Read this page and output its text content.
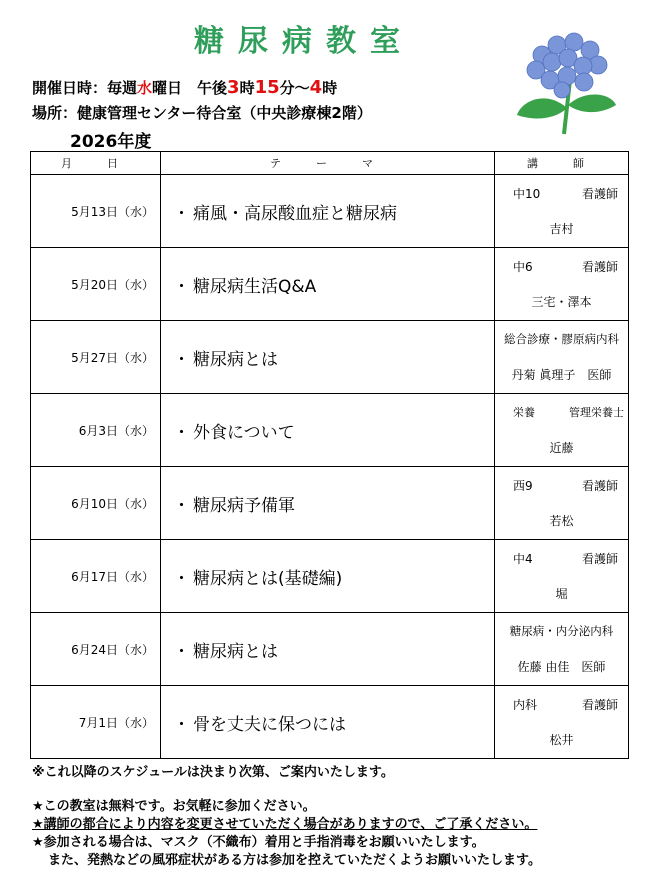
糖 尿 病 教 室
開催日時：毎週水曜日　午後3時15分～4時
場所：健康管理センター待合室（中央診療棟2階）
2026年度
月　日	テ　ー　マ	講　師
5月13日（水）	・ 痛風・高尿酸血症と糖尿病	中10 看護師
吉村

5月20日（水）	・ 糖尿病生活Q&A	中6 看護師
三宅・澤本

5月27日（水）	・ 糖尿病とは	総合診療・膠原病内科
丹菊 眞理子　医師

6月3日（水）	・ 外食について	栄養 管理栄養士
近藤

6月10日（水）	・ 糖尿病予備軍	西9 看護師
若松

6月17日（水）	・ 糖尿病とは(基礎編)	中4 看護師
堀

6月24日（水）	・ 糖尿病とは	糖尿病・内分泌内科
佐藤 由佳　医師

7月1日（水）	・ 骨を丈夫に保つには	内科 看護師
松井
※これ以降のスケジュールは決まり次第、ご案内いたします。
★この教室は無料です。お気軽に参加ください。
★講師の都合により内容を変更させていただく場合がありますので、ご了承ください。
★参加される場合は、マスク（不織布）着用と手指消毒をお願いいたします。
また、発熱などの風邪症状がある方は参加を控えていただくようお願いいたします。
